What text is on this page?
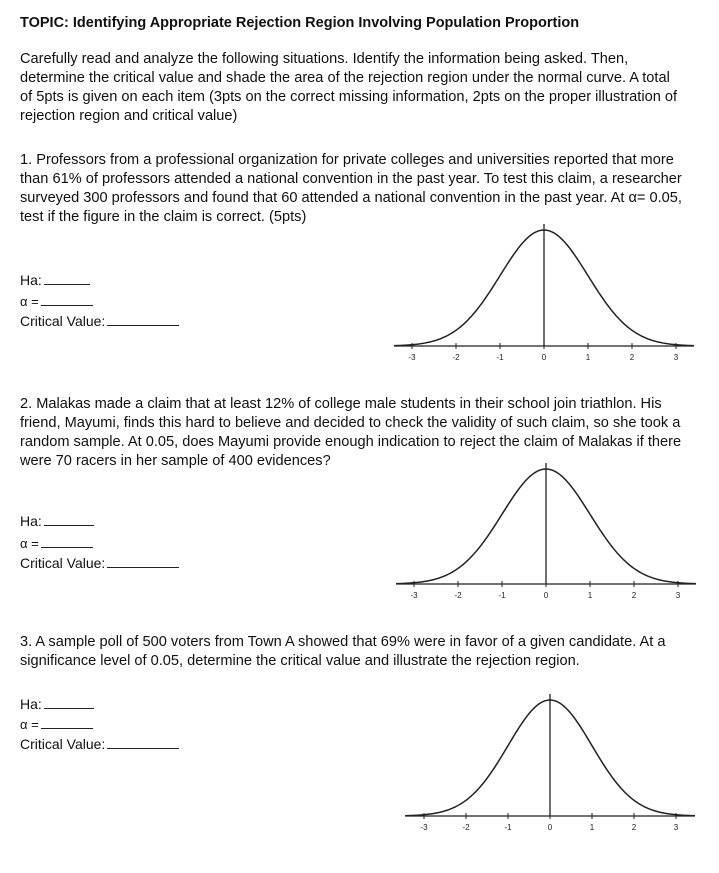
TOPIC: Identifying Appropriate Rejection Region Involving Population Proportion
Carefully read and analyze the following situations. Identify the information being asked. Then,
determine the critical value and shade the area of the rejection region under the normal curve. A total
of 5pts is given on each item (3pts on the correct missing information, 2pts on the proper illustration of
rejection region and critical value)
1. Professors from a professional organization for private colleges and universities reported that more
than 61% of professors attended a national convention in the past year. To test this claim, a researcher
surveyed 300 professors and found that 60 attended a national convention in the past year. At α= 0.05,
test if the figure in the claim is correct. (5pts)
Ha:
α =
Critical Value:
-3	-2	-1	0	1	2	3
2. Malakas made a claim that at least 12% of college male students in their school join triathlon. His
friend, Mayumi, finds this hard to believe and decided to check the validity of such claim, so she took a
random sample. At 0.05, does Mayumi provide enough indication to reject the claim of Malakas if there
were 70 racers in her sample of 400 evidences?
Ha:
α =
Critical Value:
-3	-2	-1	0	1	2	3
3. A sample poll of 500 voters from Town A showed that 69% were in favor of a given candidate. At a
significance level of 0.05, determine the critical value and illustrate the rejection region.
Ha:
α =
Critical Value:
-3	-2	-1	0	1	2	3
